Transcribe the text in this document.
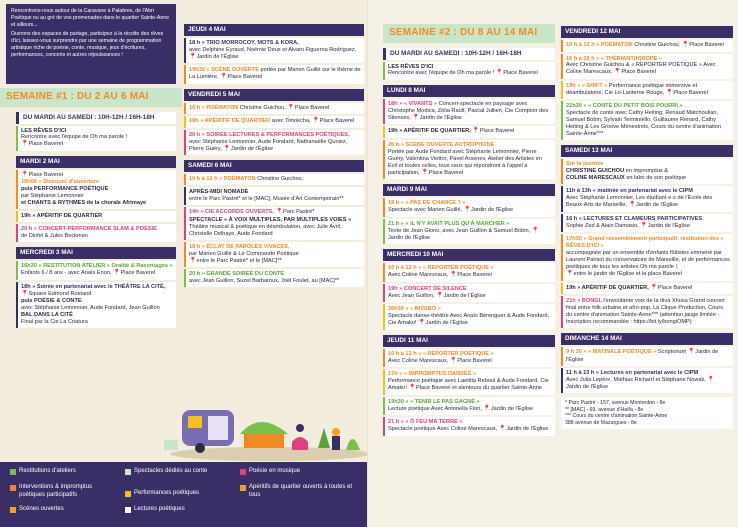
Rencontrons-nous autour de la Caravane à Palabres, de l'Abri Poétique ou au gré de vos promenades dans le quartier Sainte-Anne et ailleurs...

Ouvrons des espaces de partage, participez à la récolte des rêves d'ici, laissez-vous surprendre par une semaine de programmation artistique riche de poésie, conte, musique, jeux d'écritures, performances, concerts et autres réjouissances !

SEMAINE #1 : DU 2 AU 6 MAI
DU MARDI AU SAMEDI : 10H-12H / 16H-18H
LES RÊVES D'ICI
Rencontre avec l'équipe de Oh ma parole !
📍Place Baverel
MARDI 2 MAI
📍Place Baverel
18h00 » Discours d'ouverture
puis PERFORMANCE POÉTIQUE
par Stéphanie Lemonnier
et CHANTS & RYTHMES de la chorale Afrimaye
19h » APÉRITIF DE QUARTIER
20 h » CONCERT-PERFORMANCE SLAM & POÉSIE
de Diofel & Jules Beckman
MERCREDI 3 MAI
16h30 » RESTITUTION ATELIER « Oralité & Racontages »
Enfants 6 / 8 ans - avec Anaïs Enon, 📍Place Baverel
18h » Soirée en partenariat avec le THÉÂTRE LA CITÉ, 📍Square Edmond Rostand
puis POÉSIE & CONTE
avec Stéphanie Lemonnier, Aude Fondard, Jean Guillon
BAL DANS LA CITÉ
Final par la Cie La Criatura
JEUDI 4 MAI
18 h » TRIO MORROCOY, MOTS & KORA,
avec Delphine Eyraud, Noémie Deux et Alvaro Figueroa Rodriguez, 📍Jardin de l'Église
19h30 » SCÈNE OUVERTE portée par Marien Guillé sur le thème de La Lumière, 📍Place Baverel
VENDREDI 5 MAI
16 h » POÉMATON Christine Guichou, 📍Place Baverel
18h » APÉRITIF DE QUARTIER avec Timokcha, 📍Place Baverel
20 h » SOIRÉE LECTURES & PERFORMANCES POÉTIQUES,
avec Stéphanie Lemonnier, Aude Fondard, Nathanaëlle Quoiez, Pierre Guéry, 📍Jardin de l'Église
SAMEDI 6 MAI
10 h à 12 h » POÉMATON Christine Guichou,
APRÈS-MIDI NOMADE
entre le Parc Pastré* et le [MAC], Musée d'Art Contemporain**
14h » CIE ACCORDS OUVERTS, 📍Parc Pastré*
SPECTACLE « À VOIX MULTIPLES, PAR MULTIPLES VOIES »
Théâtre musical & poétique en déambulation, avec Julie Avril, Christelle Delhaye, Aude Fondard
18 h » ÉCLAT DE PAROLES VIVACES,
par Marien Guillé & Le Commando Poétique
📍entre le Parc Pastré* et le [MAC]**
20 h » GRANDE SOIRÉE DU CONTE
avec Jean Guillon, Suzel Barbaroux, Joël Foulet, au [MAC]**
Restitutions d'ateliers
Interventions & impromptus poétiques participatifs
Scènes ouvertes
Spectacles dédiés au conte
Performances poétiques
Lectures poétiques
Poésie en musique
Apéritifs de quartier ouverts à toutes et tous
SEMAINE #2 : DU 8 AU 14 MAI
DU MARDI AU SAMEDI : 10H-12H / 16H-18H
LES RÊVES D'ICI
Rencontre avec l'équipe de Oh ma parole ! 📍Place Baverel
LUNDI 8 MAI
18h » « VIVANTS » Concert-spectacle en paysage avec Christophe Modica, Zélia Rault, Pascal Jullien, Cie Comptoir des Silences, 📍Jardin de l'Église
19h » APÉRITIF DE QUARTIER, 📍Place Baverel
20 h » SCÈNE OUVERTE AUTROPHONE
Portée par Aude Fondard avec Stéphanie Lemonnier, Pierre Guéry, Valentina Viettro, Pavel Arsenev, Atelier des Artistes en Exil et toutes celles, tous ceux qui répondront à l'appel à participation, 📍Place Baverel
MARDI 9 MAI
19 h » « PAS DE CHANCE ? »
Spectacle avec Marien Guillé, 📍Jardin de l'Église
21 h » « IL N'Y AVAIT PLUS QU'À MARCHER »
Texte de Jean Giono, avec Jean Guillon & Samuel Bobin, 📍Jardin de l'Église
MERCREDI 10 MAI
10 h à 12 h » « REPORTER POÉTIQUE »
Avec Coline Marescaux, 📍Place Baverel
19h » CONCERT DE SILENCE
Avec Jean Guillon, 📍Jardin de l'Église
20h30 » « RIVEBO »
Spectacle danse-théâtre Avec Anaïs Bérenguer & Aude Fondard, Cie Amako! 📍Jardin de l'Église
JEUDI 11 MAI
10 h à 12 h » « REPORTER POÉTIQUE »
Avec Coline Marescaux, 📍Place Baverel
17h » « IMPROMPTUS DANSÉS »
Performance poétique avec Laetitia Reboul & Aude Fondard, Cie Amako! 📍Place Baverel et alentours du quartier Sainte-Anne
19h30 » « TENIR LE PAS GAGNÉ »
Lecture poétique Avec Antonella Fiori, 📍Jardin de l'Église
21 h » « Ô FEU MA TERRE »
Spectacle poétique Avec Coline Marescaux, 📍Jardin de l'Église
VENDREDI 12 MAI
10 h à 12 h » POÉMATON Christine Guichou, 📍Place Baverel
16 h à 18 h » « THÉRIANT(H)ROPE »
Avec Christine Guichou & « REPORTER POÉTIQUE » Avec Coline Marescaux, 📍Place Baverel
19h » « SHIFT » Performance poétique immersive et déambulatoire, Cie Lo-Lanterne Rouge, 📍Place Baverel
21h30 » « CONTE DU PETIT BOIS POURRI »
Spectacle de conte avec Cathy Heiting, Renaud Matchoulian, Samuel Bobin, Sylvain Terminiello, Guillaume Renard, Cathy Heiting & Les Groove Ménestrels, Cours du centre d'animation Sainte-Anne***
SAMEDI 13 MAI
Sur la journée
CHRISTINE GUICHOU en impromptus &
COLINE MARESCAUX en labo de son poétique
11h à 13h » matinée en partenariat avec le CIPM
Avec Stéphanie Lemonnier, Les étudiant·e·s de l'École des Beaux-Arts de Marseille, 📍Jardin de l'Église
16 h » LECTURES ET CLAMEURS PARTICIPATIVES
Sophie Zed & Alain Damasio, 📍Jardin de l'Église
17h30 » Grand rassemblement participatif, restitution des « RÊVES D'ICI »
accompagnée par un ensemble d'enfants flûtistes emmené par Laurent Parisot du conservatoire de Marseille, et de performances poétiques de tous les artistes Oh ma parole !,
📍entre le jardin de l'Église et la place Baverel
19h » APÉRITIF DE QUARTIER, 📍Place Baverel
21h » BONGI, l'envoûtante voix de la diva Xhosa Grand concert final entre folk-urbaine et afro-pop, La Clique Production, Cours du centre d'animation Sainte-Anne*** (attention jauge limitée - Inscription recommandée : https://bit.ly/bongiOMP)
DIMANCHE 14 MAI
9 h 30 » « MATINALE POÉTIQUE » Scriptorium 📍Jardin de l'Église
11 h à 13 h » Lectures en partenariat avec le CIPM
Avec Julia Lepère, Mathias Richard et Stéphane Nowak, 📍Jardin de l'Église
* Parc Pastré - 157, avenue Montredon - 8e
** [MAC] - 69, avenue d'Haïfa - 8e
*** Cours du centre d'animation Sainte-Anne
388 avenue de Mazargues - 8e
